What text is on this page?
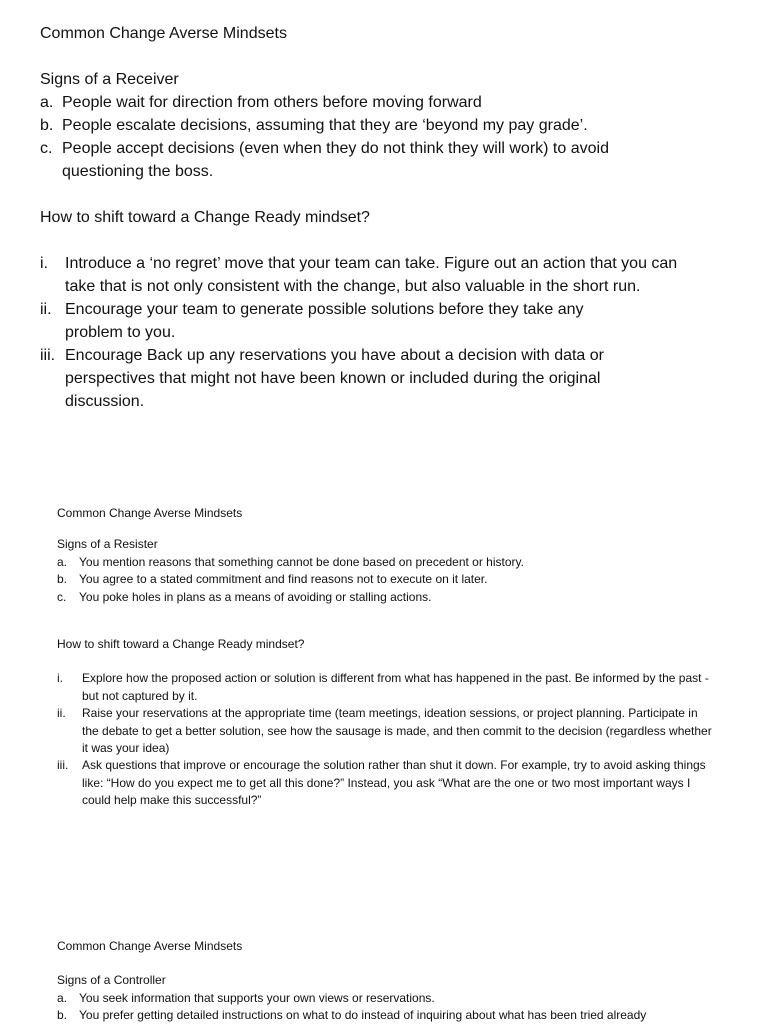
Common Change Averse Mindsets
Signs of a Receiver
a. People wait for direction from others before moving forward
b. People escalate decisions, assuming that they are ‘beyond my pay grade’.
c. People accept decisions (even when they do not think they will work) to avoid questioning the boss.
How to shift toward a Change Ready mindset?
i.	Introduce a ‘no regret’ move that your team can take. Figure out an action that you can take that is not only consistent with the change, but also valuable in the short run.
ii. Encourage your team to generate possible solutions before they take any problem to you.
iii. Encourage Back up any reservations you have about a decision with data or perspectives that might not have been known or included during the original discussion.
Common Change Averse Mindsets
Signs of a Resister
a. You mention reasons that something cannot be done based on precedent or history.
b. You agree to a stated commitment and find reasons not to execute on it later.
c.	You poke holes in plans as a means of avoiding or stalling actions.
How to shift toward a Change Ready mindset?
i.	Explore how the proposed action or solution is different from what has happened in the past. Be informed by the past - but not captured by it.
ii.	Raise your reservations at the appropriate time (team meetings, ideation sessions, or project planning. Participate in the debate to get a better solution, see how the sausage is made, and then commit to the decision (regardless whether it was your idea)
iii.	Ask questions that improve or encourage the solution rather than shut it down. For example, try to avoid asking things like: “How do you expect me to get all this done?” Instead, you ask “What are the one or two most important ways I could help make this successful?”
Common Change Averse Mindsets
Signs of a Controller
a. You seek information that supports your own views or reservations.
b. You prefer getting detailed instructions on what to do instead of inquiring about what has been tried already
